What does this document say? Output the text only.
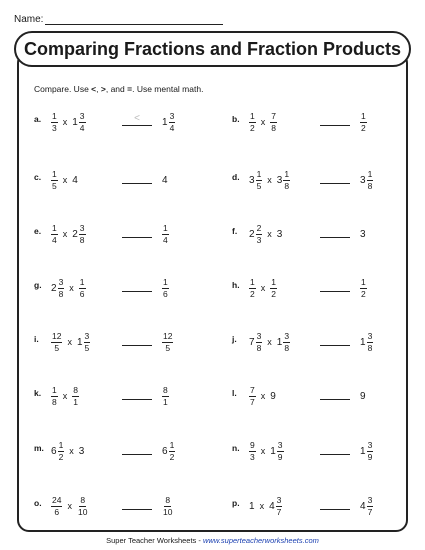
Name:
Comparing Fractions and Fraction Products
Compare. Use <, >, and =. Use mental math.
a. $\frac{1}{3}$ x $1 \frac{3}{4}$	<	$1 \frac{3}{4}$	b. $\frac{1}{2}$ x $\frac{7}{8}$	$\frac{1}{2}$
c. $\frac{1}{5}$ x 4	4	d. $3 \frac{1}{5}$ x $3 \frac{1}{8}$	$3 \frac{1}{8}$
e. $\frac{1}{4}$ x $2 \frac{3}{8}$	$\frac{1}{4}$	f. $2 \frac{2}{3}$ x 3	3
g. $2 \frac{3}{8}$ x $\frac{1}{6}$	$\frac{1}{6}$	h. $\frac{1}{2}$ x $\frac{1}{2}$	$\frac{1}{2}$
i. $\frac{12}{5}$ x $1 \frac{3}{5}$	$\frac{12}{5}$	j. $7 \frac{3}{8}$ x $1 \frac{3}{8}$	$1 \frac{3}{8}$
k. $\frac{1}{8}$ x $\frac{8}{1}$	$\frac{8}{1}$	l. $\frac{7}{7}$ x 9	9
m. $6 \frac{1}{2}$ x 3	$6 \frac{1}{2}$	n. $\frac{9}{3}$ x $1 \frac{3}{9}$	$1 \frac{3}{9}$
o. $\frac{24}{6}$ x $\frac{8}{10}$	$\frac{8}{10}$	p. 1 x $4 \frac{3}{7}$	$4 \frac{3}{7}$
Super Teacher Worksheets - www.superteacherworksheets.com
